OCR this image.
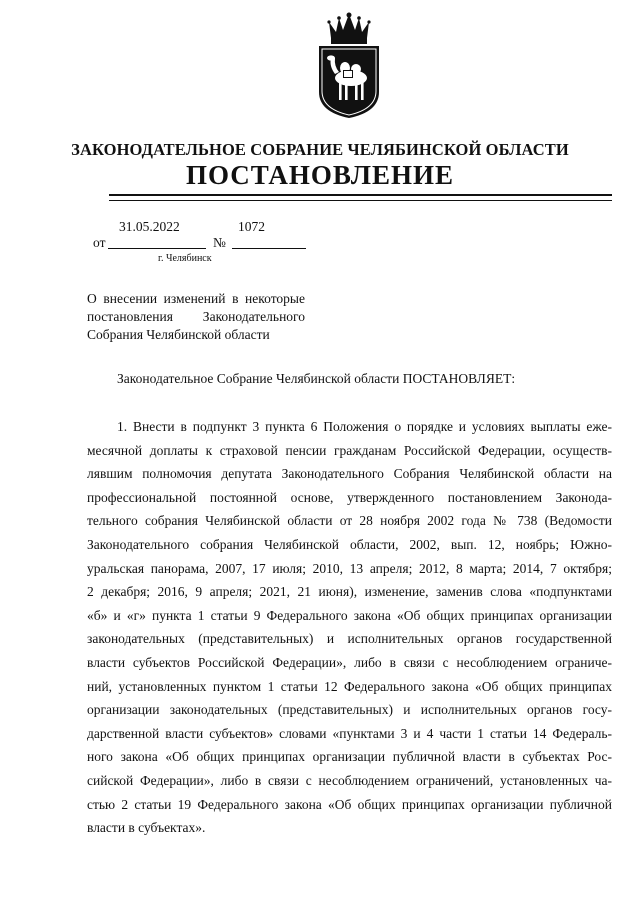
ЗАКОНОДАТЕЛЬНОЕ СОБРАНИЕ ЧЕЛЯБИНСКОЙ ОБЛАСТИ
ПОСТАНОВЛЕНИЕ
31.05.2022	1072
от	№
г. Челябинск
О внесении изменений в некоторые
постановления Законодательного
Собрания Челябинской области
Законодательное Собрание Челябинской области ПОСТАНОВЛЯЕТ:
1. Внести в подпункт 3 пункта 6 Положения о порядке и условиях выплаты еже-
месячной доплаты к страховой пенсии гражданам Российской Федерации, осуществ-
лявшим полномочия депутата Законодательного Собрания Челябинской области на
профессиональной постоянной основе, утвержденного постановлением Законода-
тельного собрания Челябинской области от 28 ноября 2002 года № 738 (Ведомости
Законодательного собрания Челябинской области, 2002, вып. 12, ноябрь; Южно-
уральская панорама, 2007, 17 июля; 2010, 13 апреля; 2012, 8 марта; 2014, 7 октября;
2 декабря; 2016, 9 апреля; 2021, 21 июня), изменение, заменив слова «подпунктами
«б» и «г» пункта 1 статьи 9 Федерального закона «Об общих принципах организации
законодательных (представительных) и исполнительных органов государственной
власти субъектов Российской Федерации», либо в связи с несоблюдением ограниче-
ний, установленных пунктом 1 статьи 12 Федерального закона «Об общих принципах
организации законодательных (представительных) и исполнительных органов госу-
дарственной власти субъектов» словами «пунктами 3 и 4 части 1 статьи 14 Федераль-
ного закона «Об общих принципах организации публичной власти в субъектах Рос-
сийской Федерации», либо в связи с несоблюдением ограничений, установленных ча-
стью 2 статьи 19 Федерального закона «Об общих принципах организации публичной
власти в субъектах».
